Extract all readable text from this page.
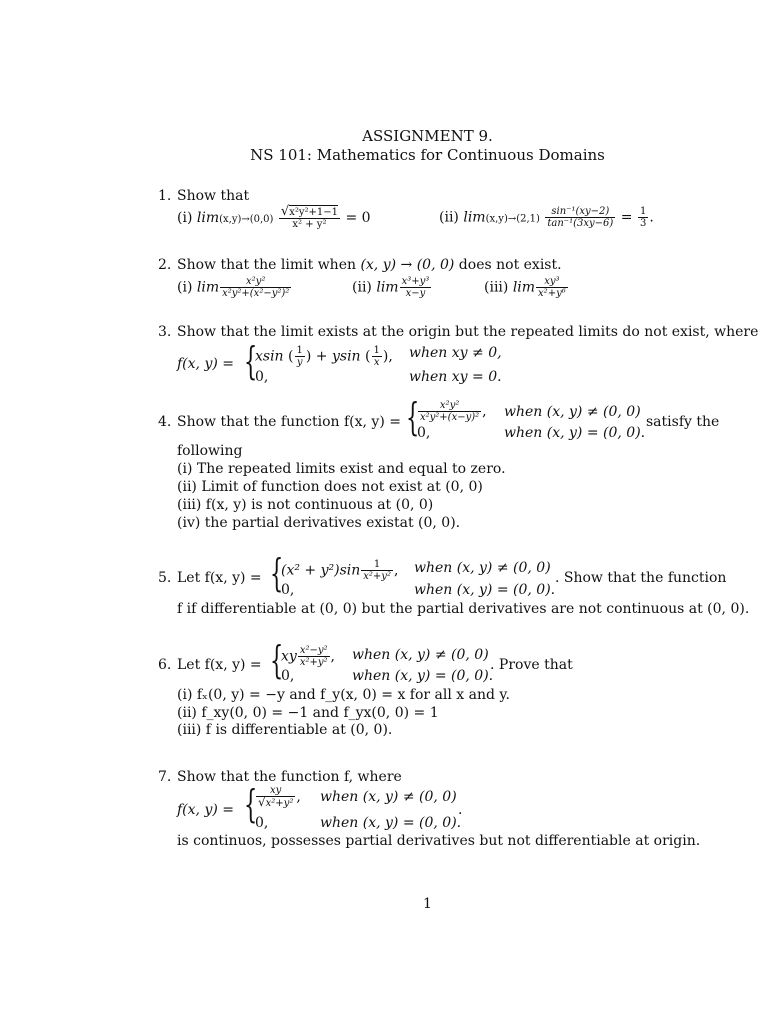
ASSIGNMENT 9.
NS 101: Mathematics for Continuous Domains
1. Show that
(i) $\lim(x,y)\to(0,0) \frac{\text{√x²y²+1−1}}{\text{x² + y²}} = 0$	(ii) $\lim(x,y)\to(2,1) \frac{\text{sin⁻¹(xy−2)}}{\text{tan⁻¹(3xy−6)}} = \frac{1}{3}$ .
2. Show that the limit when (x, y) → (0, 0) does not exist.
(i) $\lim \frac{\text{x²y²}}{\text{x²y²+(x²−y²)²}}$	(ii) $\lim \frac{\text{x³+y³}}{x-y}$	(iii) $\lim \frac{\text{xy³}}{\text{x²+y⁶}}$
3. Show that the limit exists at the origin but the repeated limits do not exist, where
f(x, y) = {
xsin ( $\frac{1}{y}$ ) + ysin ( $\frac{1}{x}$ ), when xy ≠ 0,
0,	when xy = 0.
4. Show that the function f(x, y) = {
$\frac{\text{x²y²}}{\text{x²y²+(x−y)²}}$ , when (x, y) ≠ (0, 0)
0,	when (x, y) = (0, 0).
satisfy the
following
(i) The repeated limits exist and equal to zero.
(ii) Limit of function does not exist at (0, 0)
(iii) f(x, y) is not continuous at (0, 0)
(iv) the partial derivatives existat (0, 0).
5. Let f(x, y) = {
$(x^2 + y^2)\sin \frac{1}{\text{x²+y²}}$ , when (x, y) ≠ (0, 0)
0,	when (x, y) = (0, 0).
. Show that the function
f if differentiable at (0, 0) but the partial derivatives are not continuous at (0, 0).
6. Let f(x, y) = {
xy $\frac{\text{x²−y²}}{\text{x²+y²}}$ , when (x, y) ≠ (0, 0)
0,	when (x, y) = (0, 0).
. Prove that
(i) fₓ(0, y) = −y and f_y(x, 0) = x for all x and y.
(ii) f_xy(0, 0) = −1 and f_yx(0, 0) = 1
(iii) f is differentiable at (0, 0).
7. Show that the function f, where
f(x, y) = {
$\frac{xy}{\text{√x²+y²}}$ , when (x, y) ≠ (0, 0)
0,	when (x, y) = (0, 0).
.
is continuos, possesses partial derivatives but not differentiable at origin.
1
